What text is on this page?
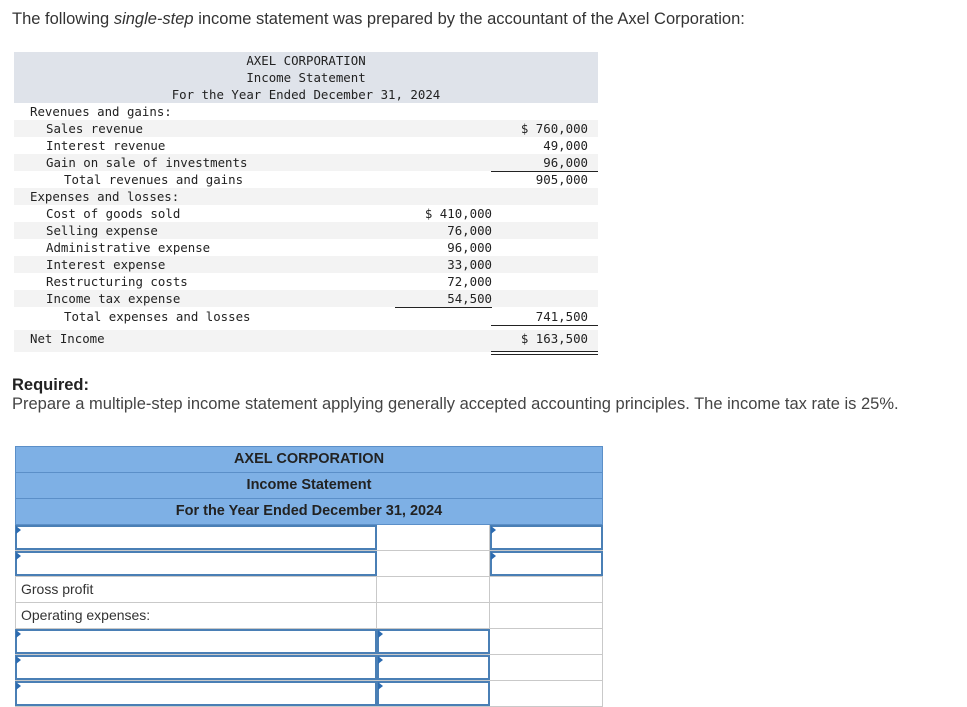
The following single-step income statement was prepared by the accountant of the Axel Corporation:
AXEL CORPORATION
Income Statement
For the Year Ended December 31, 2024
Revenues and gains:
Sales revenue	$ 760,000
Interest revenue	49,000
Gain on sale of investments	96,000
Total revenues and gains	905,000
Expenses and losses:
Cost of goods sold	$ 410,000
Selling expense	76,000
Administrative expense	96,000
Interest expense	33,000
Restructuring costs	72,000
Income tax expense	54,500
Total expenses and losses	741,500
Net Income	$ 163,500
Required:
Prepare a multiple-step income statement applying generally accepted accounting principles. The income tax rate is 25%.
AXEL CORPORATION
Income Statement
For the Year Ended December 31, 2024
Gross profit
Operating expenses:
